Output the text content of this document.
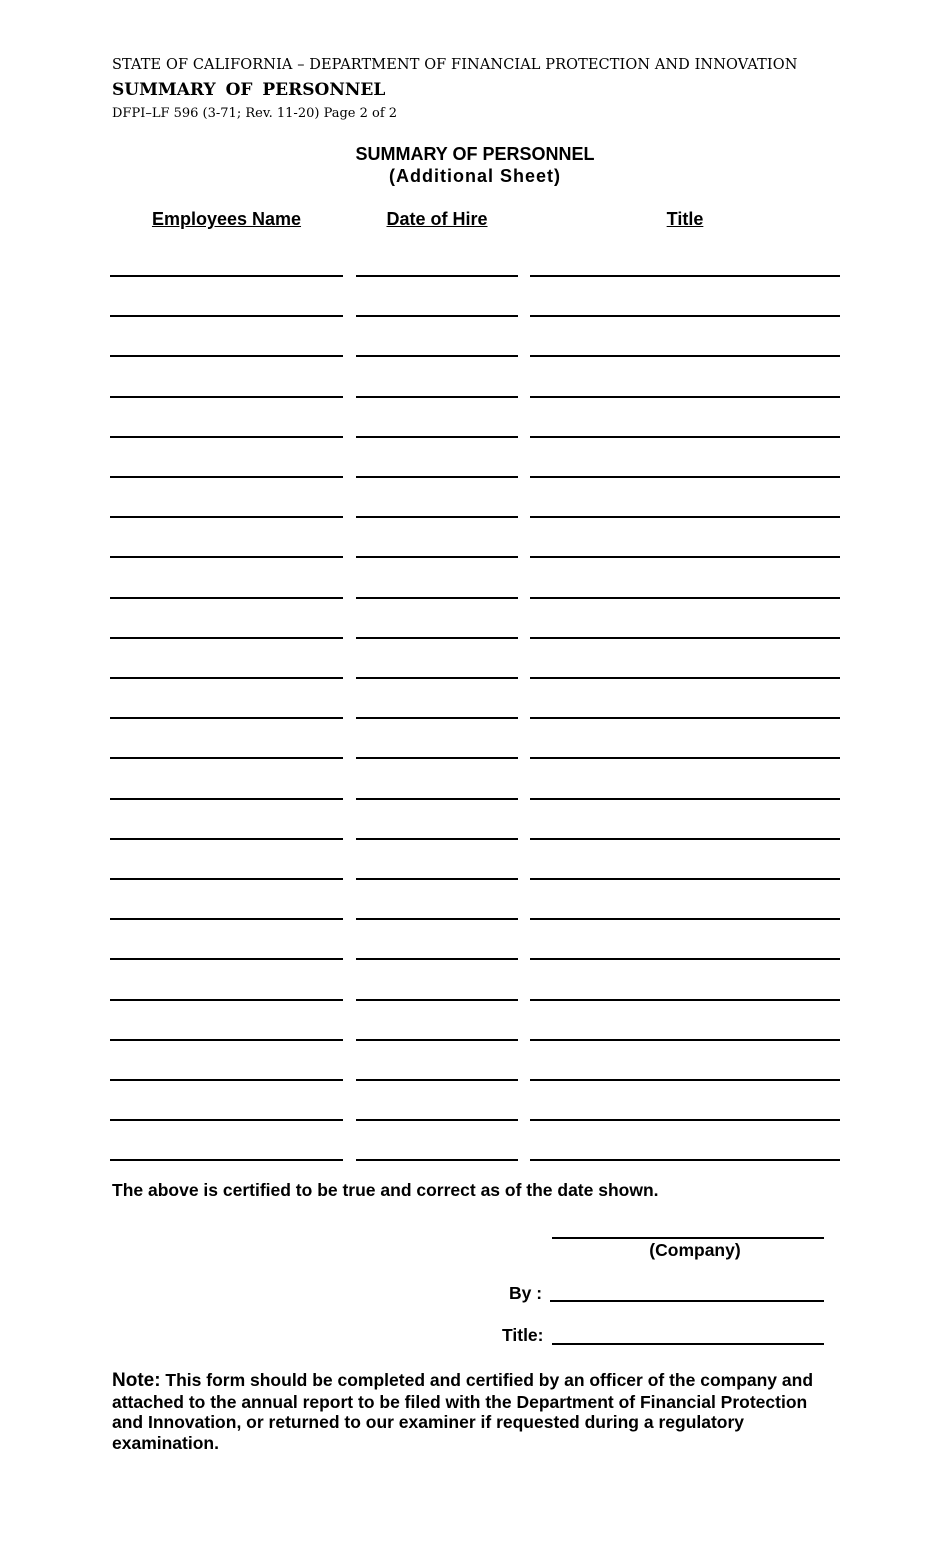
STATE OF CALIFORNIA – DEPARTMENT OF FINANCIAL PROTECTION AND INNOVATION
SUMMARY OF PERSONNEL
DFPI–LF 596 (3-71; Rev. 11-20) Page 2 of 2
SUMMARY OF PERSONNEL
(Additional Sheet)
Employees Name	Date of Hire	Title
The above is certified to be true and correct as of the date shown.
(Company)
By :
Title:
Note: This form should be completed and certified by an officer of the company and attached to the annual report to be filed with the Department of Financial Protection and Innovation, or returned to our examiner if requested during a regulatory examination.
